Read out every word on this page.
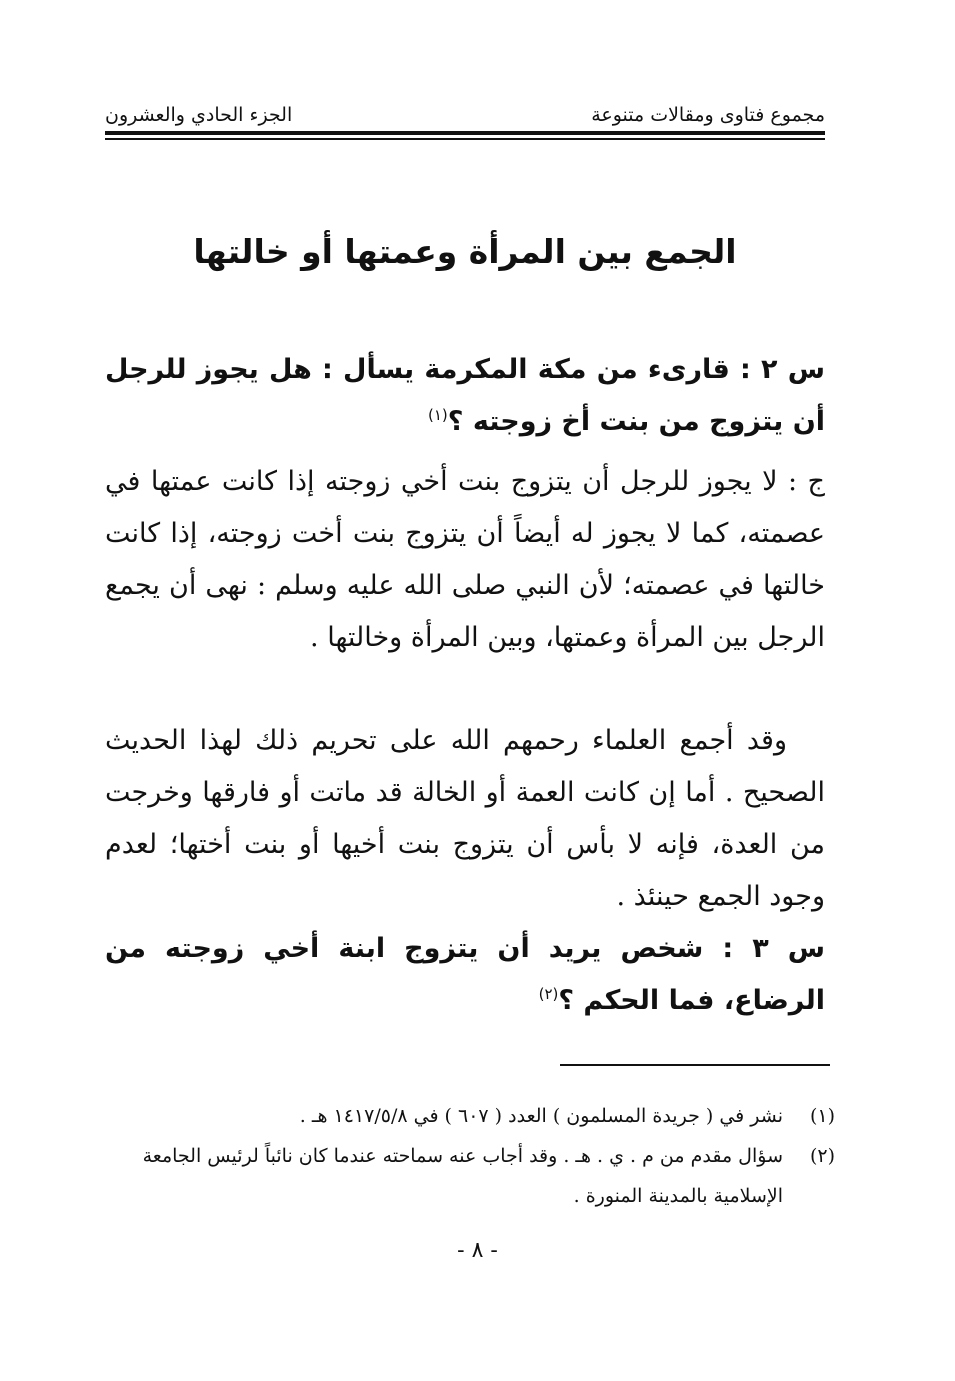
مجموع فتاوى ومقالات متنوعة
الجزء الحادي والعشرون
الجمع بين المرأة وعمتها أو خالتها

س ٢ : قارىء من مكة المكرمة يسأل : هل يجوز للرجل أن يتزوج من بنت أخ زوجته ؟$^{(١)}$

ج : لا يجوز للرجل أن يتزوج بنت أخي زوجته إذا كانت عمتها في عصمته، كما لا يجوز له أيضاً أن يتزوج بنت أخت زوجته، إذا كانت خالتها في عصمته؛ لأن النبي صلى الله عليه وسلم : نهى أن يجمع الرجل بين المرأة وعمتها، وبين المرأة وخالتها .

وقد أجمع العلماء رحمهم الله على تحريم ذلك لهذا الحديث الصحيح . أما إن كانت العمة أو الخالة قد ماتت أو فارقها وخرجت من العدة، فإنه لا بأس أن يتزوج بنت أخيها أو بنت أختها؛ لعدم وجود الجمع حينئذ .

س ٣ : شخص يريد أن يتزوج ابنة أخي زوجته من الرضاع، فما الحكم ؟$^{(٢)}$

(١)
نشر في ( جريدة المسلمون ) العدد ( ٦٠٧ ) في ١٤١٧/٥/٨ هـ .
(٢)
سؤال مقدم من م . ي . هـ . وقد أجاب عنه سماحته عندما كان نائباً لرئيس الجامعة الإسلامية بالمدينة المنورة .
- ٨ -
